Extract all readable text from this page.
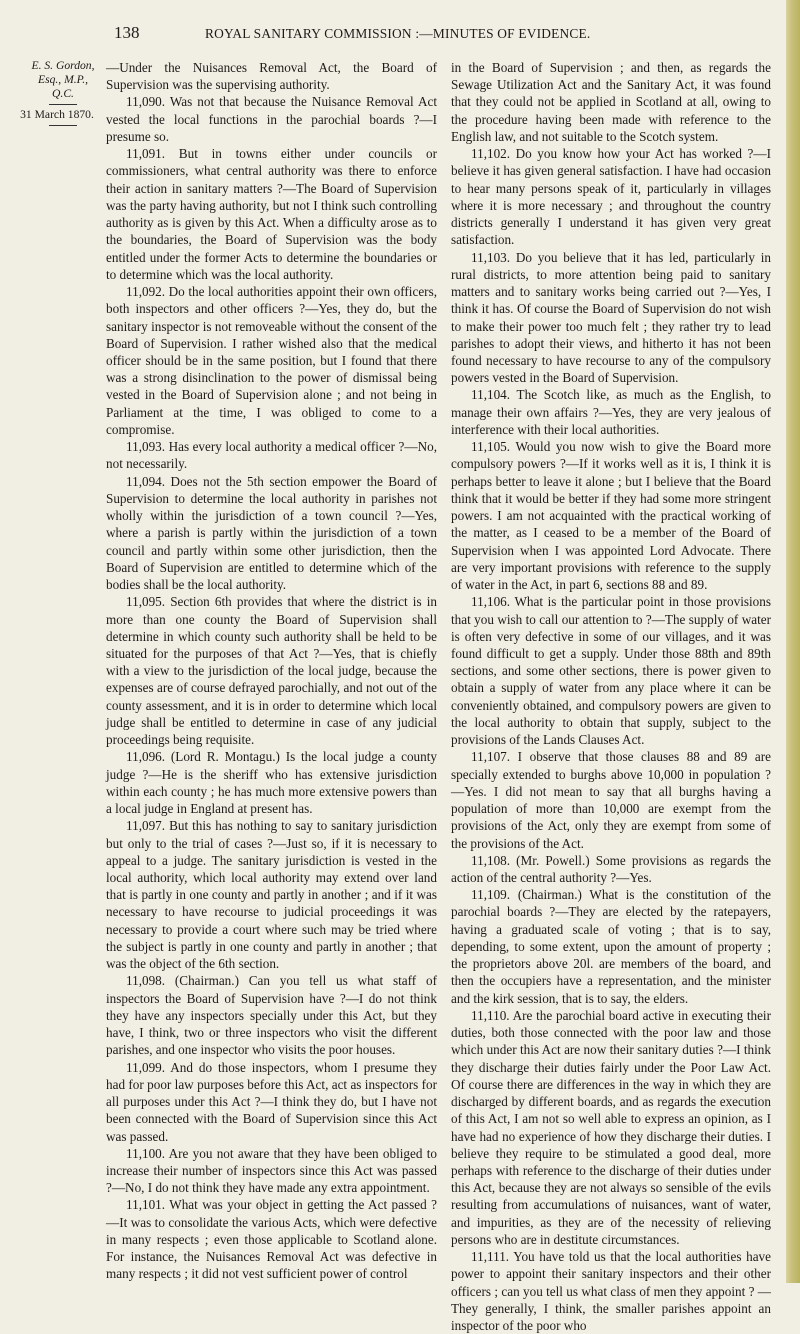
138	ROYAL SANITARY COMMISSION :—MINUTES OF EVIDENCE.
E. S. Gordon,
Esq., M.P.,
Q.C.
31 March 1870.

—Under the Nuisances Removal Act, the Board of Supervision was the supervising authority.

11,090. Was not that because the Nuisance Removal Act vested the local functions in the parochial boards ?—I presume so.

11,091. But in towns either under councils or commissioners, what central authority was there to enforce their action in sanitary matters ?—The Board of Supervision was the party having authority, but not I think such controlling authority as is given by this Act. When a difficulty arose as to the boundaries, the Board of Supervision was the body entitled under the former Acts to determine the boundaries or to determine which was the local authority.

11,092. Do the local authorities appoint their own officers, both inspectors and other officers ?—Yes, they do, but the sanitary inspector is not removeable without the consent of the Board of Supervision. I rather wished also that the medical officer should be in the same position, but I found that there was a strong disinclination to the power of dismissal being vested in the Board of Supervision alone ; and not being in Parliament at the time, I was obliged to come to a compromise.

11,093. Has every local authority a medical officer ?—No, not necessarily.

11,094. Does not the 5th section empower the Board of Supervision to determine the local authority in parishes not wholly within the jurisdiction of a town council ?—Yes, where a parish is partly within the jurisdiction of a town council and partly within some other jurisdiction, then the Board of Supervision are entitled to determine which of the bodies shall be the local authority.

11,095. Section 6th provides that where the district is in more than one county the Board of Supervision shall determine in which county such authority shall be held to be situated for the purposes of that Act ?—Yes, that is chiefly with a view to the jurisdiction of the local judge, because the expenses are of course defrayed parochially, and not out of the county assessment, and it is in order to determine which local judge shall be entitled to determine in case of any judicial proceedings being requisite.

11,096. (Lord R. Montagu.) Is the local judge a county judge ?—He is the sheriff who has extensive jurisdiction within each county ; he has much more extensive powers than a local judge in England at present has.

11,097. But this has nothing to say to sanitary jurisdiction but only to the trial of cases ?—Just so, if it is necessary to appeal to a judge. The sanitary jurisdiction is vested in the local authority, which local authority may extend over land that is partly in one county and partly in another ; and if it was necessary to have recourse to judicial proceedings it was necessary to provide a court where such may be tried where the subject is partly in one county and partly in another ; that was the object of the 6th section.

11,098. (Chairman.) Can you tell us what staff of inspectors the Board of Supervision have ?—I do not think they have any inspectors specially under this Act, but they have, I think, two or three inspectors who visit the different parishes, and one inspector who visits the poor houses.

11,099. And do those inspectors, whom I presume they had for poor law purposes before this Act, act as inspectors for all purposes under this Act ?—I think they do, but I have not been connected with the Board of Supervision since this Act was passed.

11,100. Are you not aware that they have been obliged to increase their number of inspectors since this Act was passed ?—No, I do not think they have made any extra appointment.

11,101. What was your object in getting the Act passed ?—It was to consolidate the various Acts, which were defective in many respects ; even those applicable to Scotland alone. For instance, the Nuisances Removal Act was defective in many respects ; it did not vest sufficient power of control

in the Board of Supervision ; and then, as regards the Sewage Utilization Act and the Sanitary Act, it was found that they could not be applied in Scotland at all, owing to the procedure having been made with reference to the English law, and not suitable to the Scotch system.

11,102. Do you know how your Act has worked ?—I believe it has given general satisfaction. I have had occasion to hear many persons speak of it, particularly in villages where it is more necessary ; and throughout the country districts generally I understand it has given very great satisfaction.

11,103. Do you believe that it has led, particularly in rural districts, to more attention being paid to sanitary matters and to sanitary works being carried out ?—Yes, I think it has. Of course the Board of Supervision do not wish to make their power too much felt ; they rather try to lead parishes to adopt their views, and hitherto it has not been found necessary to have recourse to any of the compulsory powers vested in the Board of Supervision.

11,104. The Scotch like, as much as the English, to manage their own affairs ?—Yes, they are very jealous of interference with their local authorities.

11,105. Would you now wish to give the Board more compulsory powers ?—If it works well as it is, I think it is perhaps better to leave it alone ; but I believe that the Board think that it would be better if they had some more stringent powers. I am not acquainted with the practical working of the matter, as I ceased to be a member of the Board of Supervision when I was appointed Lord Advocate. There are very important provisions with reference to the supply of water in the Act, in part 6, sections 88 and 89.

11,106. What is the particular point in those provisions that you wish to call our attention to ?—The supply of water is often very defective in some of our villages, and it was found difficult to get a supply. Under those 88th and 89th sections, and some other sections, there is power given to obtain a supply of water from any place where it can be conveniently obtained, and compulsory powers are given to the local authority to obtain that supply, subject to the provisions of the Lands Clauses Act.

11,107. I observe that those clauses 88 and 89 are specially extended to burghs above 10,000 in population ?—Yes. I did not mean to say that all burghs having a population of more than 10,000 are exempt from the provisions of the Act, only they are exempt from some of the provisions of the Act.

11,108. (Mr. Powell.) Some provisions as regards the action of the central authority ?—Yes.

11,109. (Chairman.) What is the constitution of the parochial boards ?—They are elected by the ratepayers, having a graduated scale of voting ; that is to say, depending, to some extent, upon the amount of property ; the proprietors above 20l. are members of the board, and then the occupiers have a representation, and the minister and the kirk session, that is to say, the elders.

11,110. Are the parochial board active in executing their duties, both those connected with the poor law and those which under this Act are now their sanitary duties ?—I think they discharge their duties fairly under the Poor Law Act. Of course there are differences in the way in which they are discharged by different boards, and as regards the execution of this Act, I am not so well able to express an opinion, as I have had no experience of how they discharge their duties. I believe they require to be stimulated a good deal, more perhaps with reference to the discharge of their duties under this Act, because they are not always so sensible of the evils resulting from accumulations of nuisances, want of water, and impurities, as they are of the necessity of relieving persons who are in destitute circumstances.

11,111. You have told us that the local authorities have power to appoint their sanitary inspectors and their other officers ; can you tell us what class of men they appoint ? — They generally, I think, the smaller parishes appoint an inspector of the poor who
